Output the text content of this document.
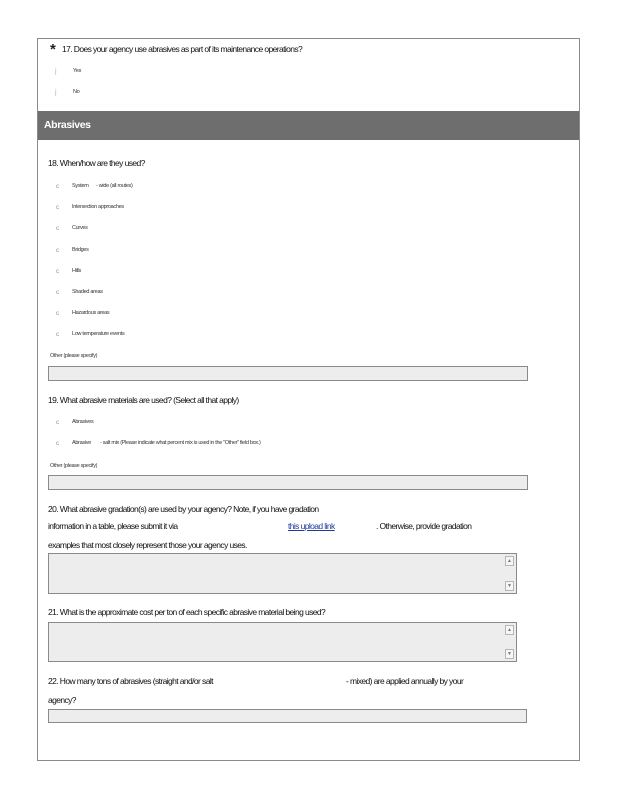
* 17. Does your agency use abrasives as part of its maintenance operations?
j	Yes
j	No
Abrasives
18. When/how are they used?
c System - wide (all routes)
c Intersection approaches
c Curves
c Bridges
c Hills
c Shaded areas
c Hazardous areas
c Low temperature events
Other (please specify)
19. What abrasive materials are used? (Select all that apply)
c Abrasives
c Abrasive - salt mix (Please indicate what percent mix is used in the "Other" field box.)
Other (please specify)
20. What abrasive gradation(s) are used by your agency? Note, if you have gradation
information in a table, please submit it via	this upload link	. Otherwise, provide gradation
examples that most closely represent those your agency uses.
▲
▼
21. What is the approximate cost per ton of each specific abrasive material being used?
▲
▼
22. How many tons of abrasives (straight and/or salt	- mixed) are applied annually by your
agency?
